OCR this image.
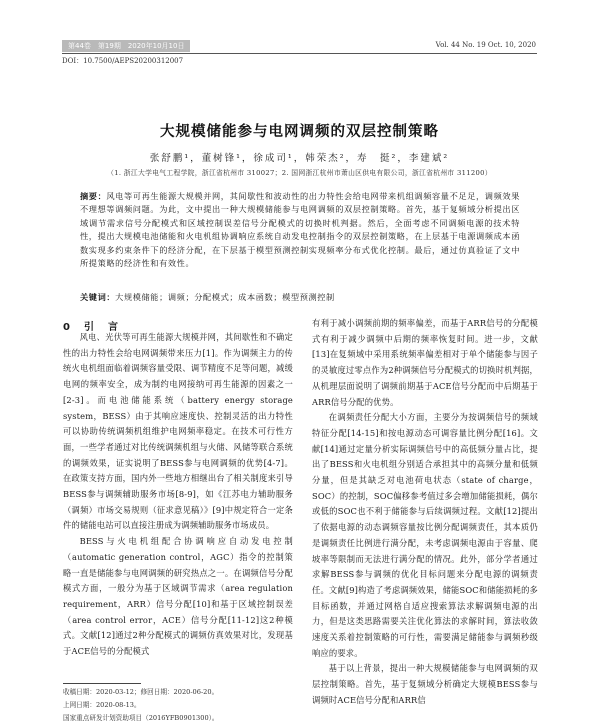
第44卷　第19期　2020年10月10日	Vol. 44 No. 19 Oct. 10, 2020
DOI：10.7500/AEPS20200312007
大规模储能参与电网调频的双层控制策略
张舒鹏¹，董树锋¹，徐成司¹，韩荣杰²，寿　挺²，李建斌²
（1. 浙江大学电气工程学院，浙江省杭州市 310027；2. 国网浙江杭州市萧山区供电有限公司，浙江省杭州市 311200）
摘要：风电等可再生能源大规模并网，其间歇性和波动性的出力特性会给电网带来机组调频容量不足足，调频效果不理想等调频问题。为此，文中提出一种大规模储能参与电网调频的双层控制策略。首先，基于复频域分析提出区域调节需求信号分配模式和区域控制误差信号分配模式的切换时机判据。然后，全面考虑不同调频电源的技术特性，提出大规模电池储能和火电机组协调响应系统自动发电控制指令的双层控制策略，在上层基于电源调频成本函数实现多约束条件下的经济分配，在下层基于模型预测控制实现频率分布式优化控制。最后，通过仿真验证了文中所提策略的经济性和有效性。
关键词：大规模储能；调频；分配模式；成本函数；模型预测控制
0　引　言

风电、光伏等可再生能源大规模并网，其间歇性和不确定性的出力特性会给电网调频带来压力[1]。作为调频主力的传统火电机组面临着调频容量受限、调节精度不足等问题，减缓电网的频率安全，成为制约电网接纳可再生能源的因素之一[2-3]。而电池储能系统（battery energy storage system，BESS）由于其响应速度快、控制灵活的出力特性可以协助传统调频机组维护电网频率稳定。在技术可行性方面，一些学者通过对比传统调频机组与火储、风储等联合系统的调频效果，证实说明了BESS参与电网调频的优势[4-7]。在政策支持方面，国内外一些地方相继出台了相关制度来引导BESS参与调频辅助服务市场[8-9]，如《江苏电力辅助服务（调频）市场交易规则（征求意见稿）》[9]中规定符合一定条件的储能电站可以直接注册成为调频辅助服务市场成员。

BESS与火电机组配合协调响应自动发电控制（automatic generation control，AGC）指令的控制策略一直是储能参与电网调频的研究热点之一。在调频信号分配模式方面，一般分为基于区域调节需求（area regulation requirement，ARR）信号分配[10]和基于区域控制误差（area control error，ACE）信号分配[11-12]这2种模式。文献[12]通过2种分配模式的调频仿真效果对比，发现基于ACE信号的分配模式

有利于减小调频前期的频率偏差，而基于ARR信号的分配模式有利于减少调频中后期的频率恢复时间。进一步，文献[13]在复频域中采用系统频率偏差相对于单个储能参与因子的灵敏度过零点作为2种调频信号分配模式的切换时机判据，从机理层面说明了调频前期基于ACE信号分配而中后期基于ARR信号分配的优势。

在调频责任分配大小方面，主要分为按调频信号的频域特征分配[14-15]和按电源动态可调容量比例分配[16]。文献[14]通过定量分析实际调频信号中的高低频分量占比，提出了BESS和火电机组分别适合承担其中的高频分量和低频分量，但是其缺乏对电池荷电状态（state of charge，SOC）的控制，SOC偏移参考值过多会增加储能损耗，偶尔或低的SOC也不利于储能参与后续调频过程。文献[12]提出了依据电源的动态调频容量按比例分配调频责任，其本质仍是调频责任比例进行满分配，未考虑调频电源由于容量、爬坡率等限制而无法进行满分配的情况。此外，部分学者通过求解BESS参与调频的优化目标问题来分配电源的调频责任。文献[9]构造了考虑调频效果，储能SOC和储能损耗的多目标函数，并通过网格自适应搜索算法求解调频电源的出力，但是这类思路需要关注优化算法的求解时间，算法收敛速度关系着控制策略的可行性，需要满足储能参与调频秒级响应的要求。

基于以上背景，提出一种大规模储能参与电网调频的双层控制策略。首先，基于复频域分析确定大规模BESS参与调频时ACE信号分配和ARR信

收稿日期：2020-03-12；修回日期：2020-06-20。
上网日期：2020-08-13。
国家重点研发计划资助项目（2016YFB0901300）。
